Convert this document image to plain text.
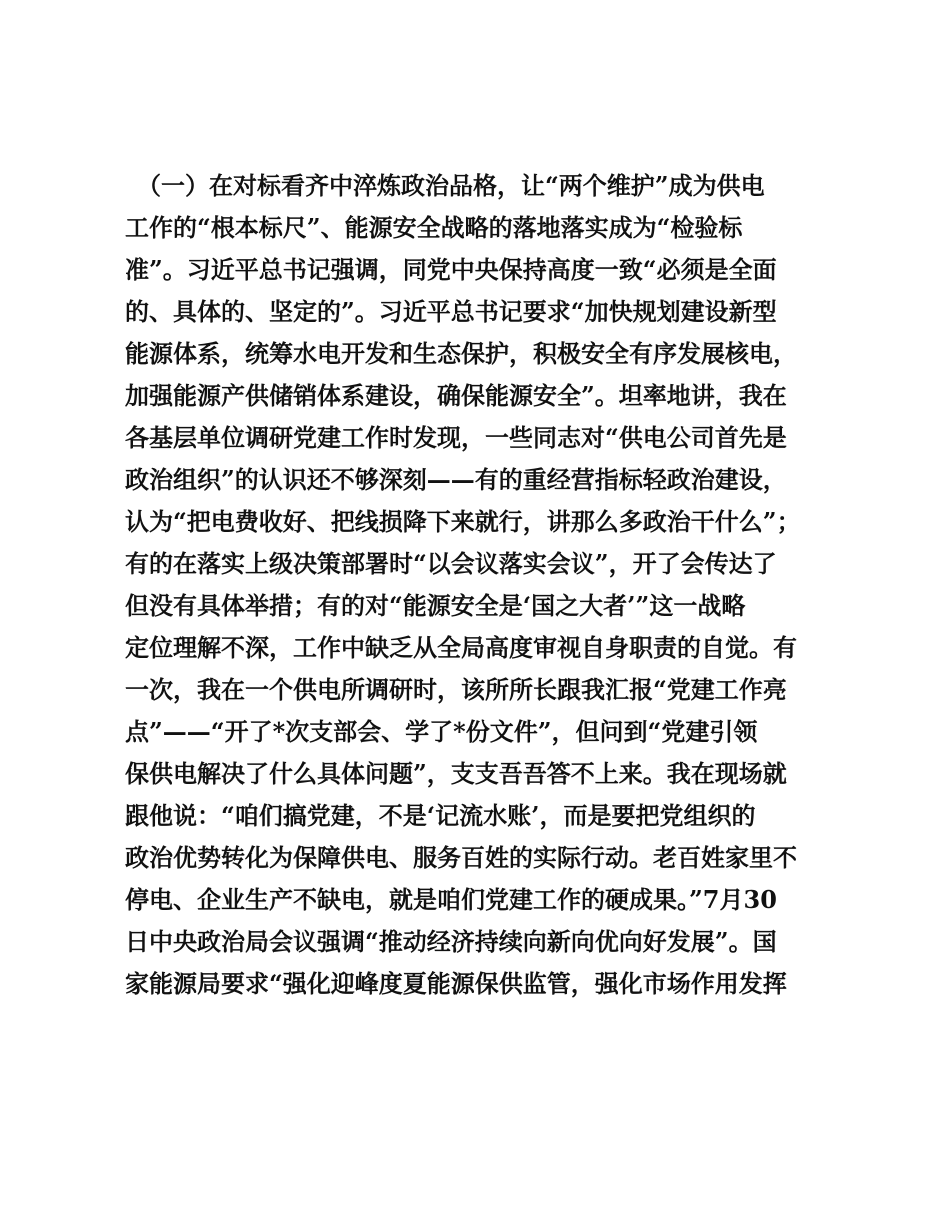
　（一）在对标看齐中淬炼政治品格，让“两个维护”成为供电
工作的“根本标尺”、能源安全战略的落地落实成为“检验标
准”。习近平总书记强调，同党中央保持高度一致“必须是全面
的、具体的、坚定的”。习近平总书记要求“加快规划建设新型
能源体系，统筹水电开发和生态保护，积极安全有序发展核电，
加强能源产供储销体系建设，确保能源安全”。坦率地讲，我在
各基层单位调研党建工作时发现，一些同志对“供电公司首先是
政治组织”的认识还不够深刻——有的重经营指标轻政治建设，
认为“把电费收好、把线损降下来就行，讲那么多政治干什么”；
有的在落实上级决策部署时“以会议落实会议”，开了会传达了
但没有具体举措；有的对“能源安全是‘国之大者’”这一战略
定位理解不深，工作中缺乏从全局高度审视自身职责的自觉。有
一次，我在一个供电所调研时，该所所长跟我汇报“党建工作亮
点”——“开了*次支部会、学了*份文件”，但问到“党建引领
保供电解决了什么具体问题”，支支吾吾答不上来。我在现场就
跟他说：“咱们搞党建，不是‘记流水账’，而是要把党组织的
政治优势转化为保障供电、服务百姓的实际行动。老百姓家里不
停电、企业生产不缺电，就是咱们党建工作的硬成果。”7月30
日中央政治局会议强调“推动经济持续向新向优向好发展”。国
家能源局要求“强化迎峰度夏能源保供监管，强化市场作用发挥
